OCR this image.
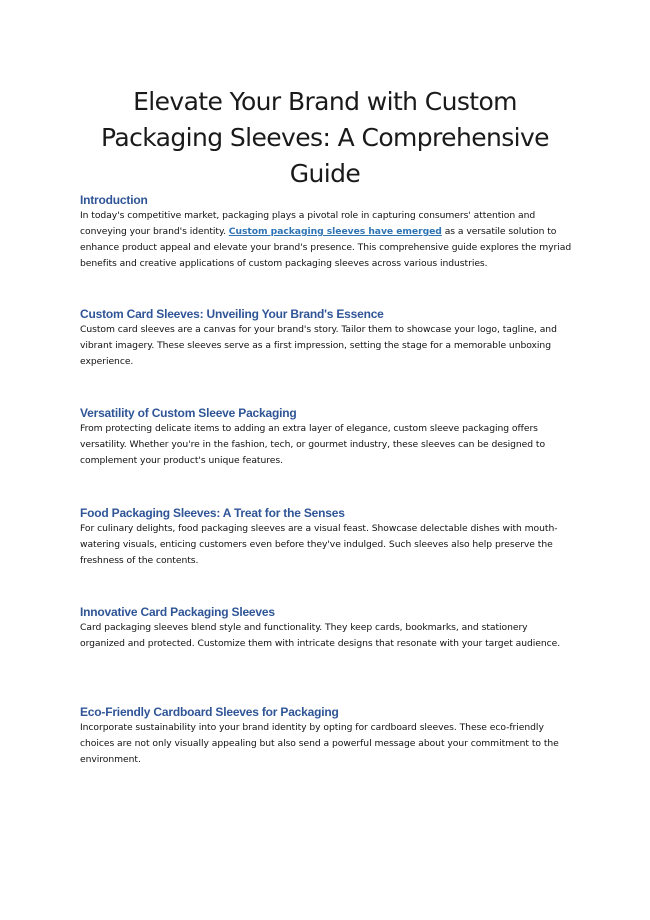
Elevate Your Brand with Custom Packaging Sleeves: A Comprehensive Guide
Introduction

In today's competitive market, packaging plays a pivotal role in capturing consumers' attention and conveying your brand's identity. Custom packaging sleeves have emerged as a versatile solution to enhance product appeal and elevate your brand's presence. This comprehensive guide explores the myriad benefits and creative applications of custom packaging sleeves across various industries.

Custom Card Sleeves: Unveiling Your Brand's Essence

Custom card sleeves are a canvas for your brand's story. Tailor them to showcase your logo, tagline, and vibrant imagery. These sleeves serve as a first impression, setting the stage for a memorable unboxing experience.

Versatility of Custom Sleeve Packaging

From protecting delicate items to adding an extra layer of elegance, custom sleeve packaging offers versatility. Whether you're in the fashion, tech, or gourmet industry, these sleeves can be designed to complement your product's unique features.

Food Packaging Sleeves: A Treat for the Senses

For culinary delights, food packaging sleeves are a visual feast. Showcase delectable dishes with mouth-watering visuals, enticing customers even before they've indulged. Such sleeves also help preserve the freshness of the contents.

Innovative Card Packaging Sleeves

Card packaging sleeves blend style and functionality. They keep cards, bookmarks, and stationery organized and protected. Customize them with intricate designs that resonate with your target audience.

Eco-Friendly Cardboard Sleeves for Packaging

Incorporate sustainability into your brand identity by opting for cardboard sleeves. These eco-friendly choices are not only visually appealing but also send a powerful message about your commitment to the environment.
